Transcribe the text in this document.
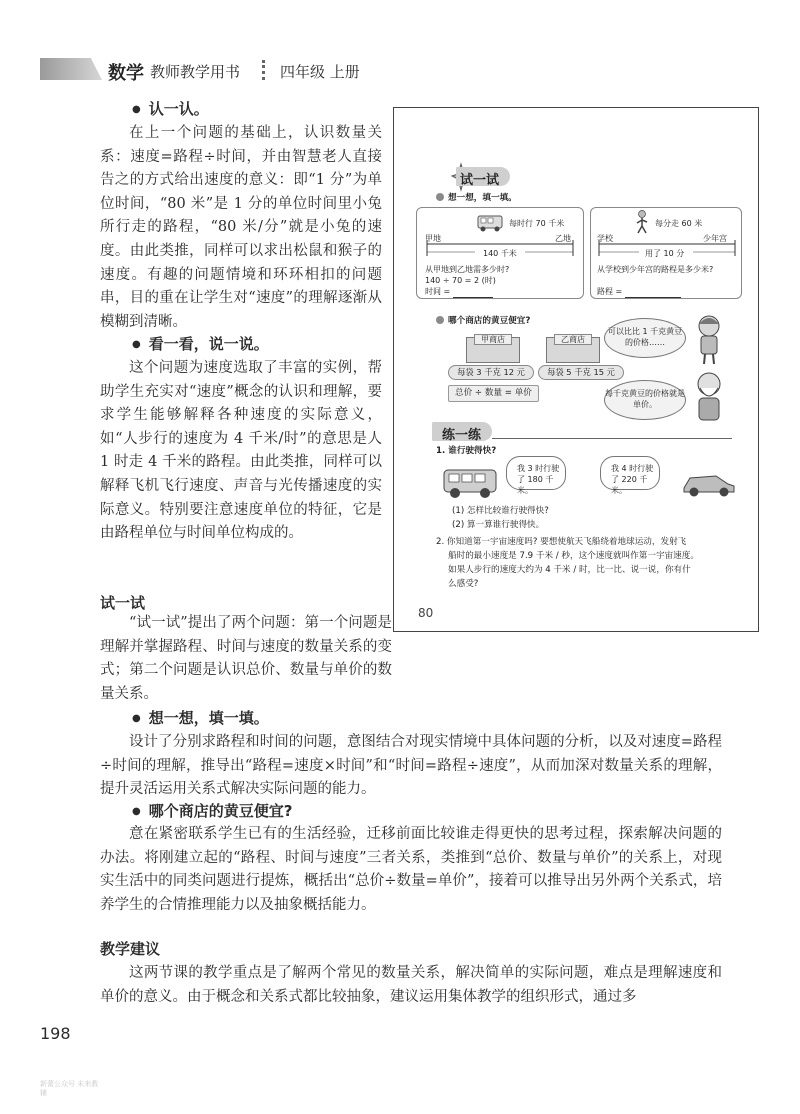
数学 教师教学用书	四年级 上册
● 认一认。
在上一个问题的基础上，认识数量关系：速度=路程÷时间，并由智慧老人直接告之的方式给出速度的意义：即“1 分”为单位时间，“80 米”是 1 分的单位时间里小兔所行走的路程，“80 米/分”就是小兔的速度。由此类推，同样可以求出松鼠和猴子的速度。有趣的问题情境和环环相扣的问题串，目的重在让学生对“速度”的理解逐渐从模糊到清晰。
● 看一看，说一说。
这个问题为速度选取了丰富的实例，帮助学生充实对“速度”概念的认识和理解，要求学生能够解释各种速度的实际意义，如“人步行的速度为 4 千米/时”的意思是人 1 时走 4 千米的路程。由此类推，同样可以解释飞机飞行速度、声音与光传播速度的实际意义。特别要注意速度单位的特征，它是由路程单位与时间单位构成的。
试一试
“试一试”提出了两个问题：第一个问题是理解并掌握路程、时间与速度的数量关系的变式；第二个问题是认识总价、数量与单价的数量关系。
● 想一想，填一填。
设计了分别求路程和时间的问题，意图结合对现实情境中具体问题的分析，以及对速度=路程÷时间的理解，推导出“路程=速度×时间”和“时间=路程÷速度”，从而加深对数量关系的理解，提升灵活运用关系式解决实际问题的能力。
● 哪个商店的黄豆便宜?
意在紧密联系学生已有的生活经验，迁移前面比较谁走得更快的思考过程，探索解决问题的办法。将刚建立起的“路程、时间与速度”三者关系，类推到“总价、数量与单价”的关系上，对现实生活中的同类问题进行提炼，概括出“总价÷数量=单价”，接着可以推导出另外两个关系式，培养学生的合情推理能力以及抽象概括能力。
教学建议
这两节课的教学重点是了解两个常见的数量关系，解决简单的实际问题，难点是理解速度和单价的意义。由于概念和关系式都比较抽象，建议运用集体教学的组织形式，通过多
198
试一试
想一想，填一填。
每时行 70 千米
甲地	乙地
140 千米
从甲地到乙地需多少时?
140 ÷ 70 = 2 (时)
时间 =
每分走 60 米
学校	少年宫
用了 10 分
从学校到少年宫的路程是多少米?
路程 =
哪个商店的黄豆便宜?
甲商店	乙商店
每袋 3 千克 12 元	每袋 5 千克 15 元
总价 ÷ 数量 = 单价
可以比比 1 千克黄豆的价格……
每千克黄豆的价格就是单价。
练一练
1. 谁行驶得快?
我 3 时行驶了 180 千米。
我 4 时行驶了 220 千米。
(1) 怎样比较谁行驶得快?
(2) 算一算谁行驶得快。
2. 你知道第一宇宙速度吗? 要想使航天飞船绕着地球运动，发射飞
船时的最小速度是 7.9 千米 / 秒，这个速度就叫作第一宇宙速度。
如果人步行的速度大约为 4 千米 / 时，比一比、说一说，你有什
么感受?
80
新蕾公众号 未来教辅
